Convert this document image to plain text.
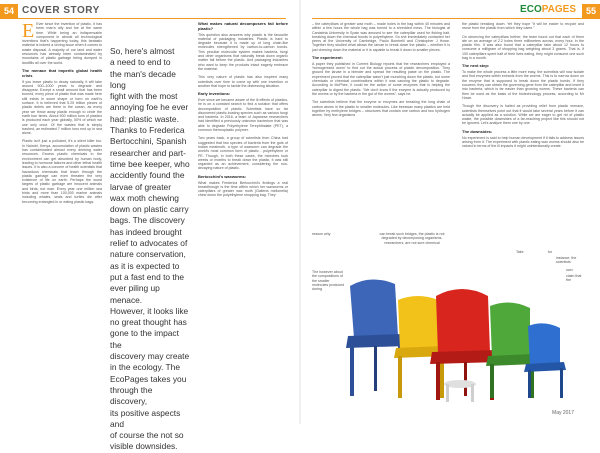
54 COVER STORY	55
ECOPAGES

E Ever since the invention of plastic, it has been man's ally and foe at the same time. While being an indispensable component in almost all technological inventions that's happening today, this fantastic material is indeed a vexing issue when it comes to waste disposal. A majority of our land and water resources has already been contaminated by mountains of plastic garbage being dumped in landfills all over the world.

The menace that imperils global health crisis

If you leave plastic to decay naturally, it will take around 500–1000 years to degrade and disappear. Except a small amount that has been burned, every piece of plastic that was made here still exists in some shape or form on earth's surface. It is believed that 5.25 trillion pieces of plastic debris are there in the ocean, as every year we throw away plastic enough to circle the earth four times. About 500 million tons of plastics is produced each year globally, 50% of which we use only once. Of the wastes that is simply trashed, an estimated 7 million tons end up in sea alone.

Plastic isn't just a pollutant, it's a silent killer too. In Nairobi, Kenya, accumulation of plastic wastes has contaminated almost every drinking water resources. Excess plastic chemicals in the environment can get absorbed by human body, leading to hormone failures and other lethal health issues. It is also a concern of health scientists that hazardous chemicals that leach through the plastic garbage can even threaten the very existence of life on earth. Perhaps the worst targets of plastic garbage are innocent animals and birds, not man. Every year one million sea birds and more than 100,000 marine animals including whales, seals and turtles die after becoming entangled in or eating plastic bags.

So, here's almost
a need to end to
the man's decade long
fight with the most
annoying foe he ever
had: plastic waste.
Thanks to Frederica
Bertocchini, Spanish
researcher and part-
time bee keeper, who
accidently found the
larvae of greater
wax moth chewing
down on plastic carry
bags. The discovery
has indeed brought
relief to advocates of
nature conservation,
as it is expected to
put a fast end to the
ever piling up menace.
However, it looks like
no great thought has
gone to the impact the
discovery may create
in the ecology. The
EcoPages takes you
through the discovery,
its positive aspects and
of course the not so
visible downsides.
What makes natural decomposers fail before plastic?

This question also answers why plastic is the favourite material of packaging industries. Plastic is hard to degrade because it is made up of long chain-like molecules strengthened by carbon-to-carbon bonds. This peculiar molecular system makes bacteria, fungi and other organisms that naturally break down organic matter fail before the plastic. And packaging industries who want to keep the products intact eagerly embrace the material.

This very nature of plastic has also inspired many scientists over time to come up with one invention or another that hope to tackle the distressing situation.

Early inventions:

Ever since we became aware of the ill effects of plastics, he is on a constant search to find a solution that offers decomposition of plastic. Scientists have so far discovered plastic-busting species such as various fungi and bacteria. In 2016, a team of Japanese researchers had identified a previously unknown bacterium that was able to degrade Polyethylene Terephthalate (PET), a common thermoplastic polymer.

Two years back, a group of scientists from China had suggested that two species of bacteria from the guts of Indian mealmoth, a type of waxworm can degrade the world's most common form of plastic - polyethylene or PE. Though, in both these cases, the microbes took weeks or months to break down the plastic, it was still regarded as an achievement, considering the non-decaying nature of plastic.

Bertocchini's waxworms:

What makes Frederica Bertocchini's findings a real breakthrough is the time within which her waxworms or caterpillars of greater wax moth (Galleria mellonella) chew down the polyethylene shopping bag. They

– the caterpillars of greater wax moth – made holes in the bag within 40 minutes and within a few hours the whole bag was turned to a shredded mess. The biologist at Cantabria University in Spain was amused to see the caterpillar used for fishing bait, breaking down the chemical bonds in polyethylene. So she immediately contacted her peers at the University of Cambridge, Paolo Bombelli and Christopher J Howe. Together they studied what allows the larvae to break down the plastic – whether it is just chewing down the material or it is capable to break it down to smaller pieces.

The experiment:

A paper they published in Current Biology reports that the researchers employed a 'homogenized worm' to find out the actual process of plastic decomposition. They ground the larvae in a blender and spread the resulting paste on the plastic. The experiment proved that the caterpillar wasn't just munching down the plastic, but some chemicals or chemical combinations within it was causing the plastic to degrade. According to McPhee, it could be the action of some enzymes that is helping the caterpillar to digest the plastic. "We don't know if the enzyme is actually produced by the worms or by the bacteria in the gut of the worms", says he.

The scientists believe that the enzyme or enzymes are breaking the long chain of carbon atoms in the plastic to smaller molecules. Like beeswax many plastics are held together by methylene bridges – structures that contain one carbon and two hydrogen atoms. Very few organisms

reason why	can break such bridges, the plastic is not degraded by decomposing organisms. researchers, are not sure chemical
The however about the compositions of the smaller molecules produced during

the plastic breaking down. Yet they hope "it will be easier to recycle and reuse from the plastic from which they came."

On observing the caterpillars further, the team found out that each of them ate on an average of 2.2 holes three millimeters across, every hour, in the plastic film. It was also found that a caterpillar take about 12 hours to consume a milligram of shopping bag weighing about 3 grams. That is, if 100 caterpillars spent half of their lives eating, they might consume one such bag in a month.

The next step:

To make the whole process a little more easy, the scientists will now isolate and find enzymes within extracts from the worms. This is to narrow down on the enzyme that is supposed to break down the plastic bonds. If they succeed, they can obtain the governing gene from the caterpillar and insert it into bacteria, which is far easier than growing worms. These bacteria can then be used as the basis of the biotechnology process, according to Mr Howe.

Though the discovery is hailed as providing relief from plastic menace, scientists themselves point out that it would take several years before it can actually be applied as a solution. While we are eager to get rid of plastic waste, the possible downsides of a far-reaching project like this should not be ignored. Let's analyze them one by one.

The downsides:

No experiment is said to help human development if it fails to address issues arising from it. The experiment with plastic eating wax worms should also be valued in terms of the ill impacts it might unintentionally create.

Take	for
instance, the scientists
own
claim that the
May 2017
